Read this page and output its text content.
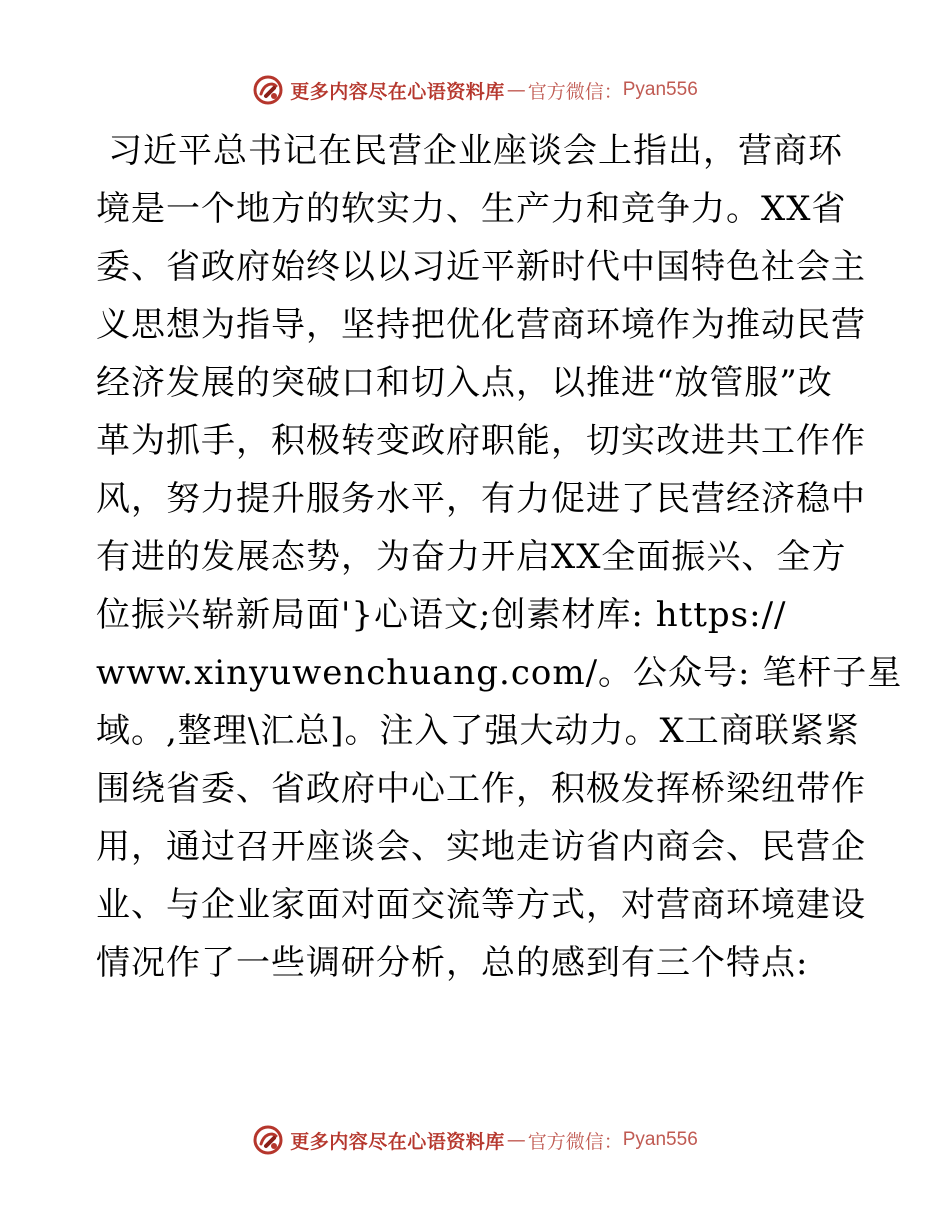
更多内容尽在心语资料库 — 官方微信： Pyan556
习近平总书记在民营企业座谈会上指出，营商环
境是一个地方的软实力、生产力和竞争力。XX省
委、省政府始终以以习近平新时代中国特色社会主
义思想为指导，坚持把优化营商环境作为推动民营
经济发展的突破口和切入点，以推进“放管服”改
革为抓手，积极转变政府职能，切实改进共工作作
风，努力提升服务水平，有力促进了民营经济稳中
有进的发展态势，为奋力开启XX全面振兴、全方
位振兴崭新局面'}心语文;创素材库: https://
www.xinyuwenchuang.com/。公众号: 笔杆子星
域。,整理\汇总]。注入了强大动力。X工商联紧紧
围绕省委、省政府中心工作，积极发挥桥梁纽带作
用，通过召开座谈会、实地走访省内商会、民营企
业、与企业家面对面交流等方式，对营商环境建设
情况作了一些调研分析，总的感到有三个特点:
更多内容尽在心语资料库 — 官方微信： Pyan556
